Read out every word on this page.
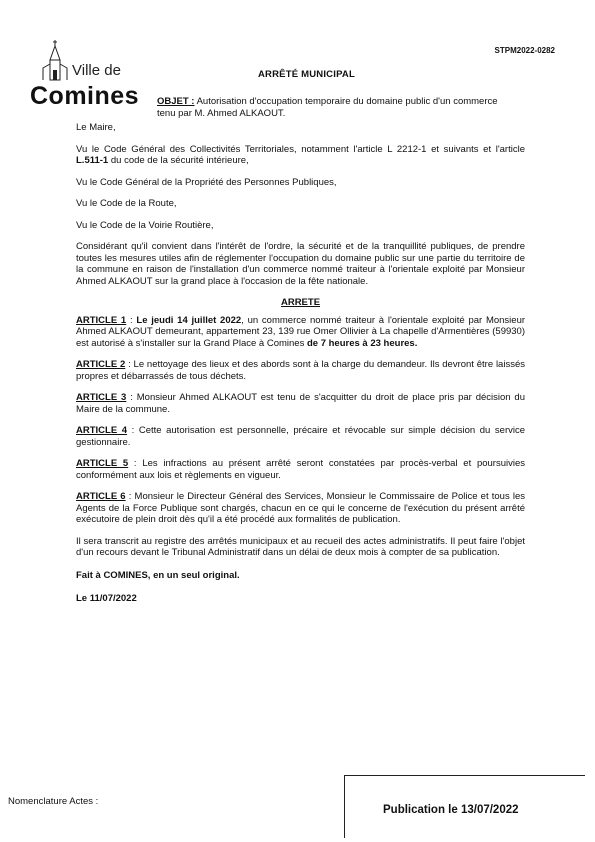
Ville de
Comines
STPM2022-0282
ARRÊTÉ MUNICIPAL
OBJET : Autorisation d'occupation temporaire du domaine public d'un commerce tenu par M. Ahmed ALKAOUT.

Le Maire,

Vu le Code Général des Collectivités Territoriales, notamment l'article L 2212-1 et suivants et l'article L.511-1 du code de la sécurité intérieure,

Vu le Code Général de la Propriété des Personnes Publiques,

Vu le Code de la Route,

Vu le Code de la Voirie Routière,

Considérant qu'il convient dans l'intérêt de l'ordre, la sécurité et de la tranquillité publiques, de prendre toutes les mesures utiles afin de réglementer l'occupation du domaine public sur une partie du territoire de la commune en raison de l'installation d'un commerce nommé traiteur à l'orientale exploité par Monsieur Ahmed ALKAOUT sur la grand place à l'occasion de la fête nationale.

ARRETE

ARTICLE 1 : Le jeudi 14 juillet 2022, un commerce nommé traiteur à l'orientale exploité par Monsieur Ahmed ALKAOUT demeurant, appartement 23, 139 rue Omer Ollivier à La chapelle d'Armentières (59930) est autorisé à s'installer sur la Grand Place à Comines de 7 heures à 23 heures.

ARTICLE 2 : Le nettoyage des lieux et des abords sont à la charge du demandeur. Ils devront être laissés propres et débarrassés de tous déchets.

ARTICLE 3 : Monsieur Ahmed ALKAOUT est tenu de s'acquitter du droit de place pris par décision du Maire de la commune.

ARTICLE 4 : Cette autorisation est personnelle, précaire et révocable sur simple décision du service gestionnaire.

ARTICLE 5 : Les infractions au présent arrêté seront constatées par procès-verbal et poursuivies conformément aux lois et règlements en vigueur.

ARTICLE 6 : Monsieur le Directeur Général des Services, Monsieur le Commissaire de Police et tous les Agents de la Force Publique sont chargés, chacun en ce qui le concerne de l'exécution du présent arrêté exécutoire de plein droit dès qu'il a été procédé aux formalités de publication.

Il sera transcrit au registre des arrêtés municipaux et au recueil des actes administratifs. Il peut faire l'objet d'un recours devant le Tribunal Administratif dans un délai de deux mois à compter de sa publication.

Fait à COMINES, en un seul original.

Le 11/07/2022

Nomenclature Actes :
Publication le 13/07/2022
